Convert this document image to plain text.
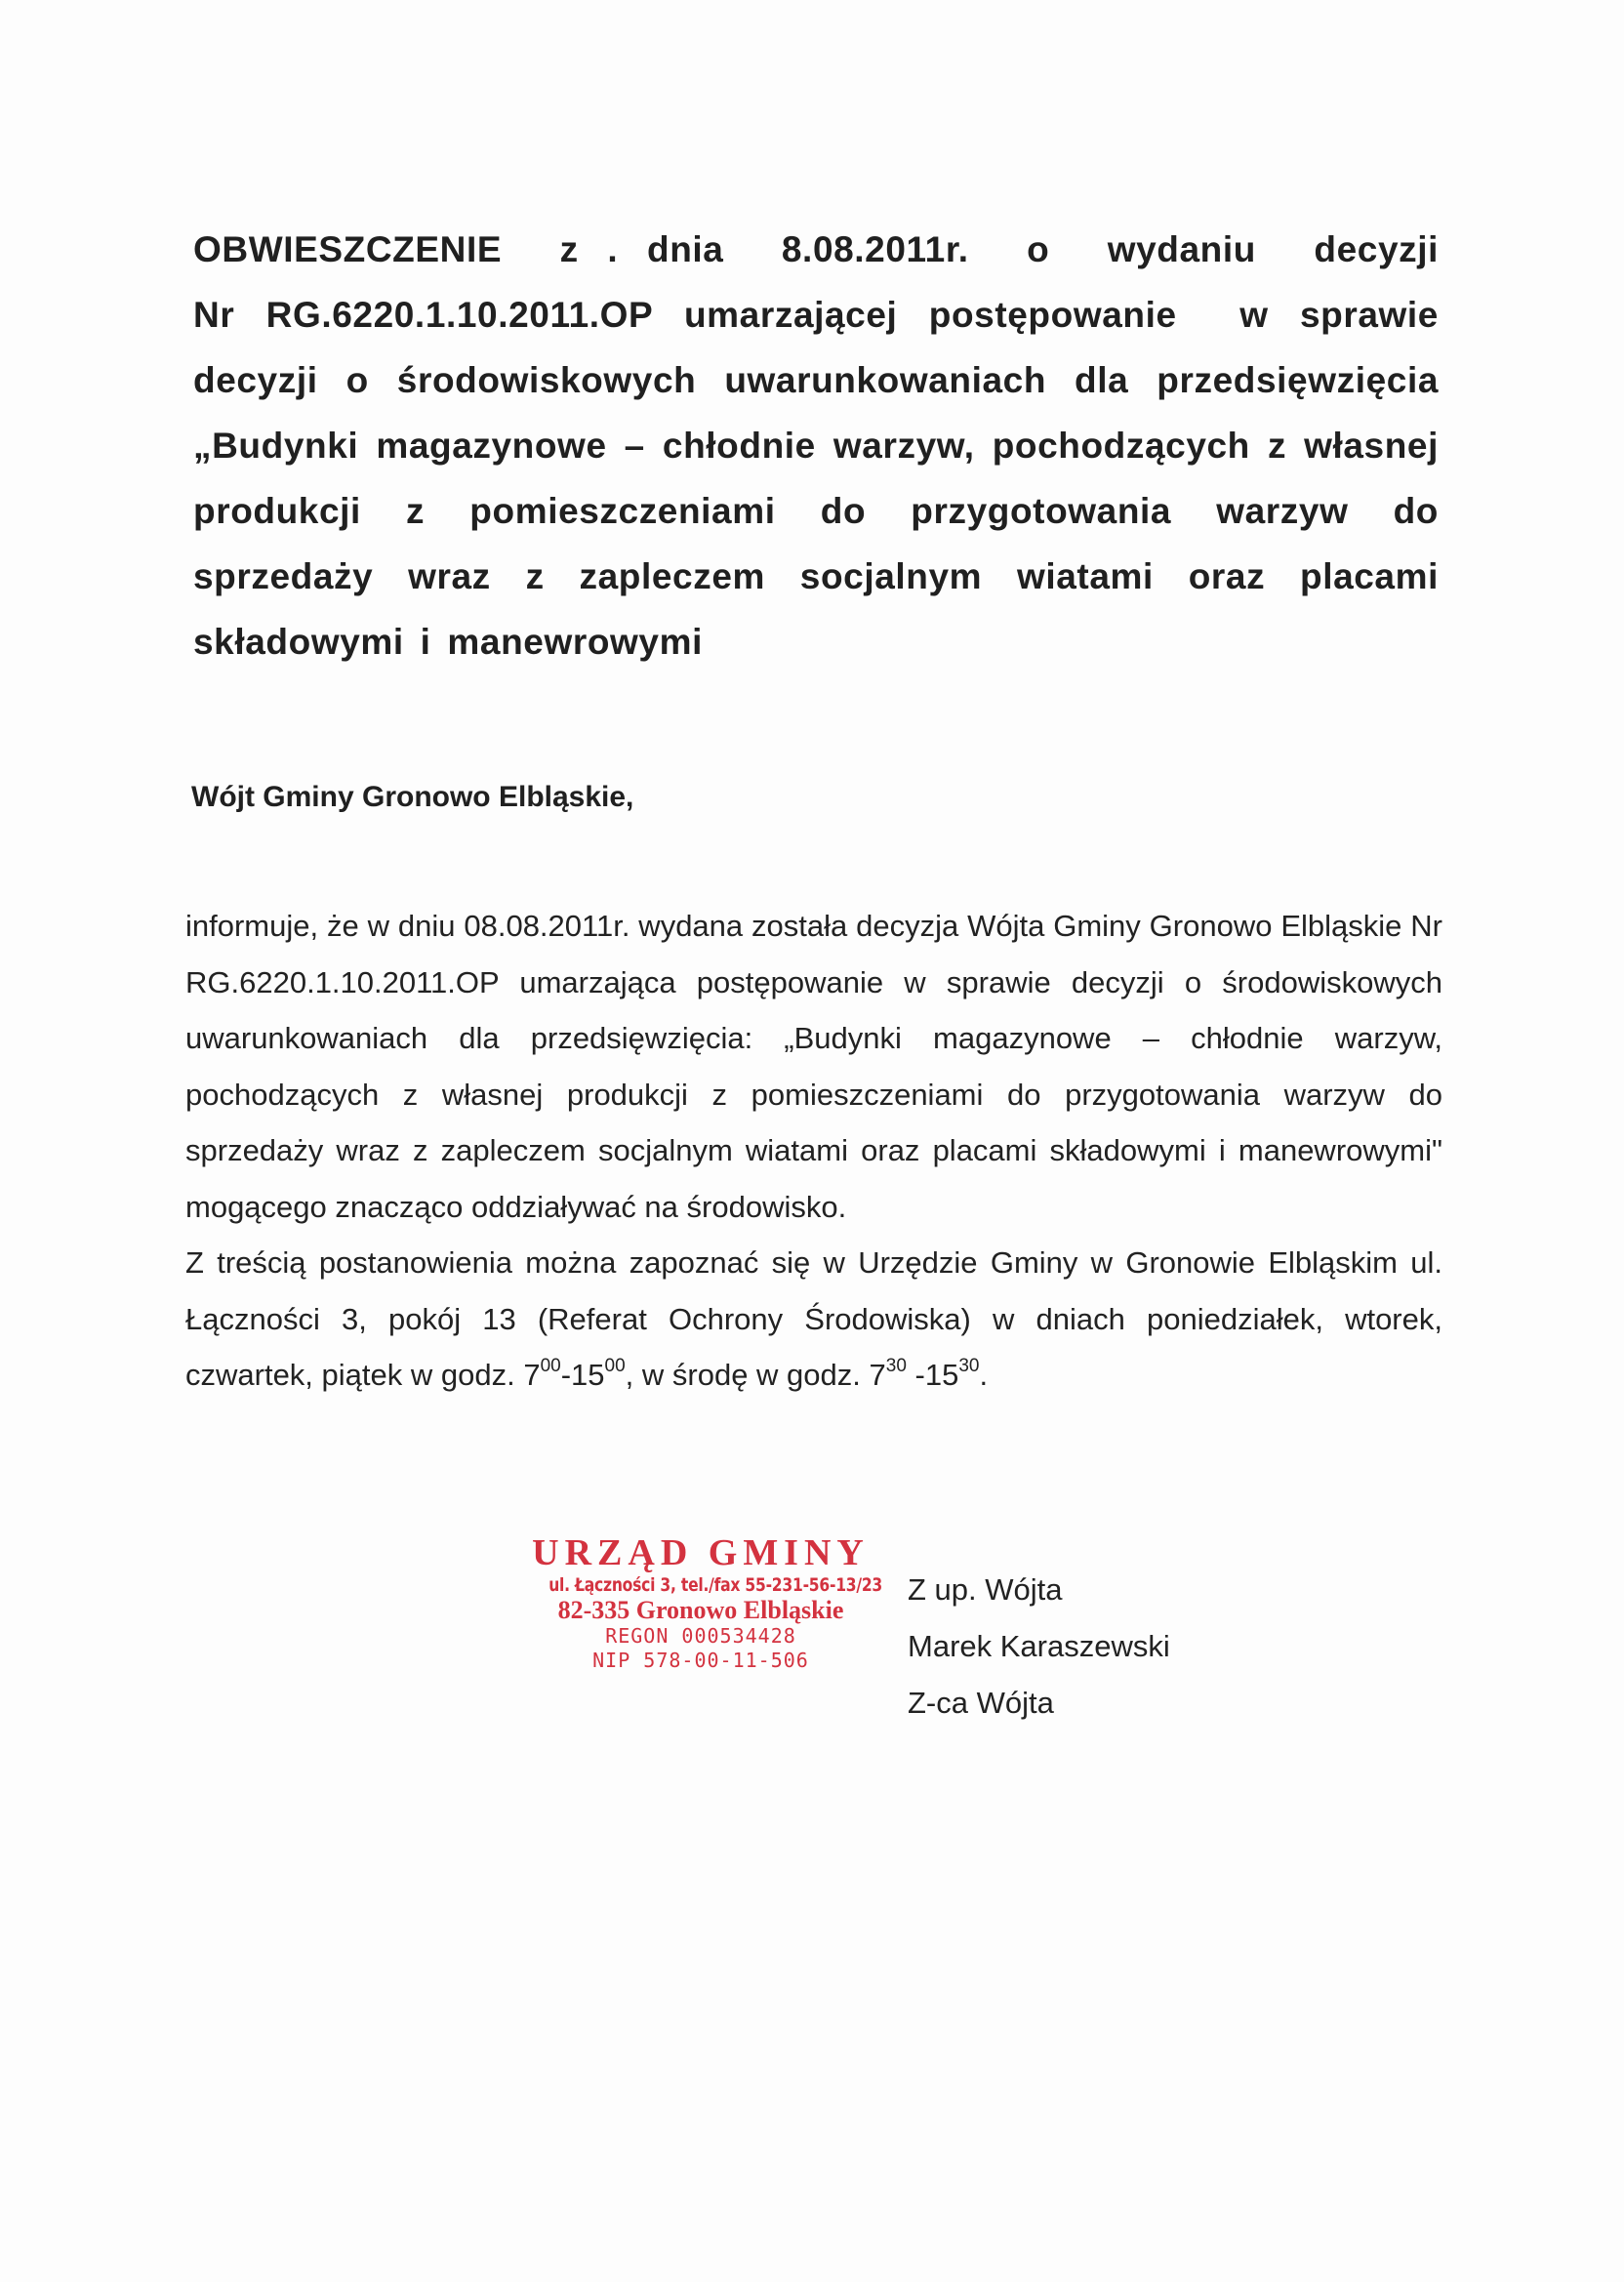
OBWIESZCZENIE  z . dnia  8.08.2011r.  o  wydaniu  decyzji
Nr RG.6220.1.10.2011.OP umarzającej postępowanie  w sprawie
decyzji o środowiskowych uwarunkowaniach dla przedsięwzięcia
„Budynki magazynowe – chłodnie warzyw, pochodzących z własnej
produkcji z pomieszczeniami do przygotowania warzyw do
sprzedaży wraz z zapleczem socjalnym wiatami oraz placami
składowymi i manewrowymi
Wójt Gminy Gronowo Elbląskie,

informuje, że w dniu 08.08.2011r. wydana została decyzja Wójta Gminy Gronowo Elbląskie Nr RG.6220.1.10.2011.OP umarzająca postępowanie w sprawie decyzji o środowiskowych uwarunkowaniach dla przedsięwzięcia: „Budynki magazynowe – chłodnie warzyw, pochodzących z własnej produkcji z pomieszczeniami do przygotowania warzyw do sprzedaży wraz z zapleczem socjalnym wiatami oraz placami składowymi i manewrowymi" mogącego znacząco oddziaływać na środowisko.

Z treścią postanowienia można zapoznać się w Urzędzie Gminy w Gronowie Elbląskim ul. Łączności 3, pokój 13 (Referat Ochrony Środowiska) w dniach poniedziałek, wtorek, czwartek, piątek w godz. $7^{00}-15^{00}$, w środę w godz. $7^{30}$ $-15^{30}$.

URZĄD GMINY
ul. Łączności 3, tel./fax 55-231-56-13/23
82-335 Gronowo Elbląskie
REGON 000534428
NIP 578-00-11-506
Z up. Wójta
Marek Karaszewski
Z-ca Wójta
